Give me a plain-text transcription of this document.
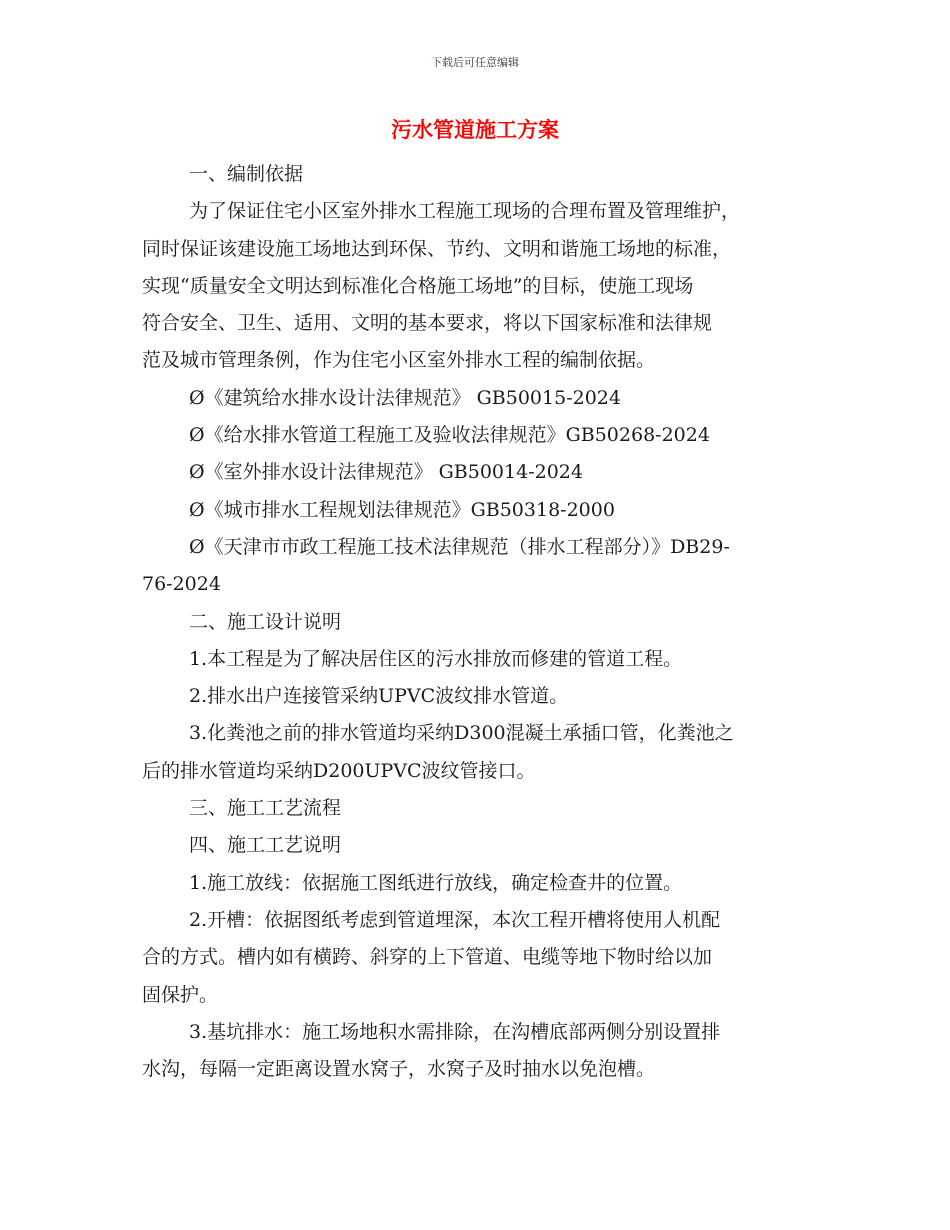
下载后可任意编辑
污水管道施工方案
一、编制依据
为了保证住宅小区室外排水工程施工现场的合理布置及管理维护，
同时保证该建设施工场地达到环保、节约、文明和谐施工场地的标准，
实现“质量安全文明达到标准化合格施工场地”的目标，使施工现场
符合安全、卫生、适用、文明的基本要求，将以下国家标准和法律规
范及城市管理条例，作为住宅小区室外排水工程的编制依据。
Ø《建筑给水排水设计法律规范》 GB50015-2024
Ø《给水排水管道工程施工及验收法律规范》GB50268-2024
Ø《室外排水设计法律规范》 GB50014-2024
Ø《城市排水工程规划法律规范》GB50318-2000
Ø《天津市市政工程施工技术法律规范（排水工程部分）》DB29-
76-2024
二、施工设计说明
1.本工程是为了解决居住区的污水排放而修建的管道工程。
2.排水出户连接管采纳UPVC波纹排水管道。
3.化粪池之前的排水管道均采纳D300混凝土承插口管，化粪池之
后的排水管道均采纳D200UPVC波纹管接口。
三、施工工艺流程
四、施工工艺说明
1.施工放线：依据施工图纸进行放线，确定检查井的位置。
2.开槽：依据图纸考虑到管道埋深，本次工程开槽将使用人机配
合的方式。槽内如有横跨、斜穿的上下管道、电缆等地下物时给以加
固保护。
3.基坑排水：施工场地积水需排除，在沟槽底部两侧分别设置排
水沟，每隔一定距离设置水窝子，水窝子及时抽水以免泡槽。
